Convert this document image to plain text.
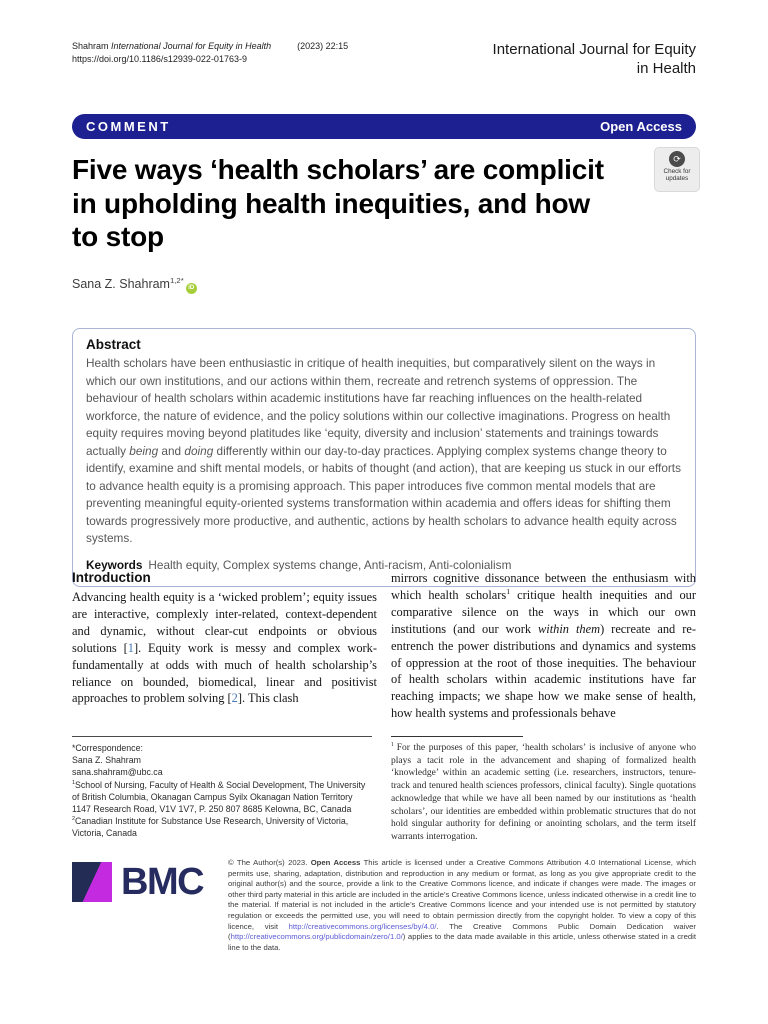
Shahram International Journal for Equity in Health	(2023) 22:15
https://doi.org/10.1186/s12939-022-01763-9
International Journal for Equity
in Health
COMMENT	Open Access
⟳
Check for
updates
Five ways ‘health scholars’ are complicit
in upholding health inequities, and how
to stop
Sana Z. Shahram$^{1,2*}$iD
Abstract
Health scholars have been enthusiastic in critique of health inequities, but comparatively silent on the ways in which our own institutions, and our actions within them, recreate and retrench systems of oppression. The behaviour of health scholars within academic institutions have far reaching influences on the health-related workforce, the nature of evidence, and the policy solutions within our collective imaginations. Progress on health equity requires moving beyond platitudes like ‘equity, diversity and inclusion’ statements and trainings towards actually being and doing differently within our day-to-day practices. Applying complex systems change theory to identify, examine and shift mental models, or habits of thought (and action), that are keeping us stuck in our efforts to advance health equity is a promising approach. This paper introduces five common mental models that are preventing meaningful equity-oriented systems transformation within academia and offers ideas for shifting them towards progressively more productive, and authentic, actions by health scholars to advance health equity across systems.
Keywords Health equity, Complex systems change, Anti-racism, Anti-colonialism
Introduction
Advancing health equity is a ‘wicked problem’; equity issues are interactive, complexly inter-related, context-dependent and dynamic, without clear-cut endpoints or obvious solutions [1]. Equity work is messy and complex work- fundamentally at odds with much of health scholarship’s reliance on bounded, biomedical, linear and positivist approaches to problem solving [2]. This clash
mirrors cognitive dissonance between the enthusiasm with which health scholars$^1$ critique health inequities and our comparative silence on the ways in which our own institutions (and our work within them) recreate and re-entrench the power distributions and dynamics and systems of oppression at the root of those inequities. The behaviour of health scholars within academic institutions have far reaching impacts; we shape how we make sense of health, how health systems and professionals behave
*Correspondence:
Sana Z. Shahram
sana.shahram@ubc.ca
$^1$School of Nursing, Faculty of Health & Social Development, The University of British Columbia, Okanagan Campus Syilx Okanagan Nation Territory 1147 Research Road, V1V 1V7, P. 250 807 8685 Kelowna, BC, Canada
$^2$Canadian Institute for Substance Use Research, University of Victoria, Victoria, Canada
$^1$ For the purposes of this paper, ‘health scholars’ is inclusive of anyone who plays a tacit role in the advancement and shaping of formalized health ‘knowledge’ within an academic setting (i.e. researchers, instructors, tenure-track and tenured health sciences professors, clinical faculty). Single quotations acknowledge that while we have all been named by our institutions as ‘health scholars’, our identities are embedded within problematic structures that do not hold singular authority for defining or anointing scholars, and the term itself warrants interrogation.
BMC	© The Author(s) 2023. Open Access This article is licensed under a Creative Commons Attribution 4.0 International License, which permits use, sharing, adaptation, distribution and reproduction in any medium or format, as long as you give appropriate credit to the original author(s) and the source, provide a link to the Creative Commons licence, and indicate if changes were made. The images or other third party material in this article are included in the article’s Creative Commons licence, unless indicated otherwise in a credit line to the material. If material is not included in the article’s Creative Commons licence and your intended use is not permitted by statutory regulation or exceeds the permitted use, you will need to obtain permission directly from the copyright holder. To view a copy of this licence, visit http://creativecommons.org/licenses/by/4.0/. The Creative Commons Public Domain Dedication waiver (http://creativecommons.org/publicdomain/zero/1.0/) applies to the data made available in this article, unless otherwise stated in a credit line to the data.
